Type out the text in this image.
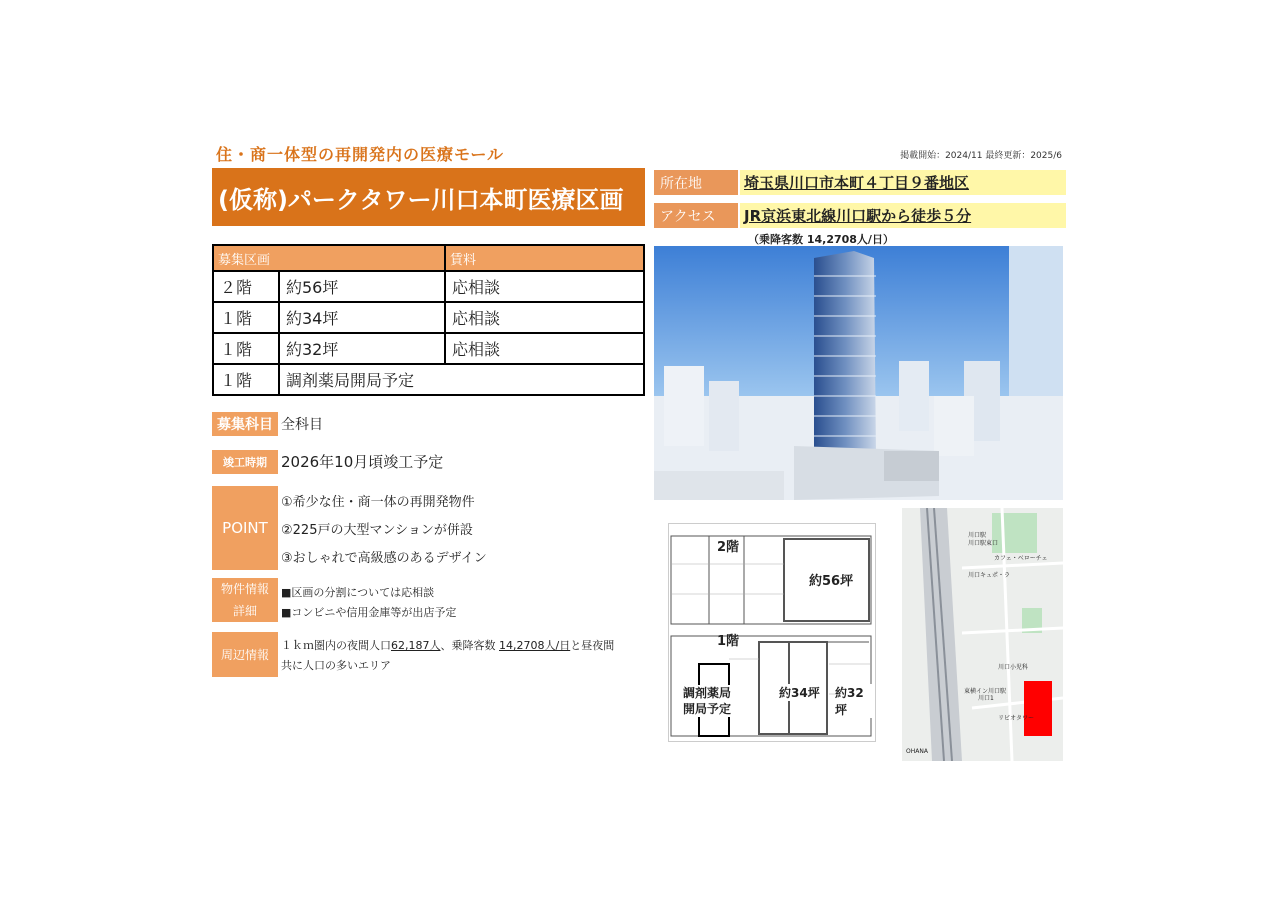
住・商一体型の再開発内の医療モール	掲載開始：2024/11 最終更新：2025/6
(仮称)パークタワー川口本町医療区画
所在地	埼玉県川口市本町４丁目９番地区
アクセス	JR京浜東北線川口駅から徒歩５分
（乗降客数 14,2708人/日）
募集区画		賃料
２階	約56坪	応相談
１階	約34坪	応相談
１階	約32坪	応相談
１階	調剤薬局開局予定	
募集科目 全科目
竣工時期 2026年10月頃竣工予定
POINT
①希少な住・商一体の再開発物件
②225戸の大型マンションが併設
③おしゃれで高級感のあるデザイン
物件情報
詳細
■区画の分割については応相談
■コンビニや信用金庫等が出店予定
周辺情報
１ｋｍ圏内の夜間人口62,187人、乗降客数 14,2708人/日と昼夜間
共に人口の多いエリア
2階
約56坪
1階
調剤薬局
開局予定
約34坪 約32坪
川口駅
カフェ・ベローチェ
川口キュポ・ラ
川口駅東口
東横イン川口駅
川口1
リビオタワー
OHANA
川口小児科
